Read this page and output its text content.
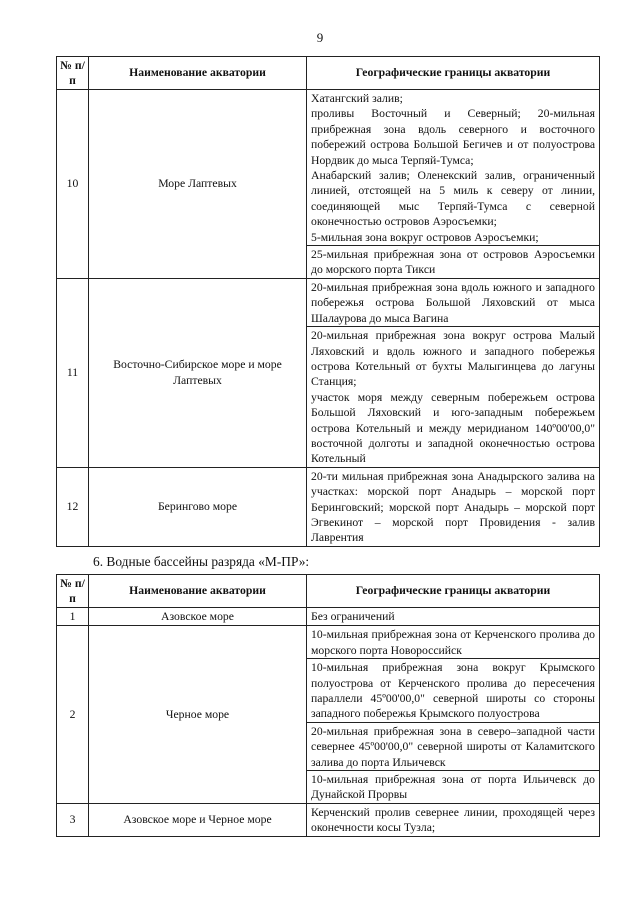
9
№ п/п	Наименование акватории	Географические границы акватории
10	Море Лаптевых	Хатангский залив;
проливы Восточный и Северный; 20-мильная прибрежная зона вдоль северного и восточного побережий острова Большой Бегичев и от полуострова Нордвик до мыса Терпяй-Тумса;
Анабарский залив; Оленекский залив, ограниченный линией, отстоящей на 5 миль к северу от линии, соединяющей мыс Терпяй-Тумса с северной оконечностью островов Аэросъемки;
5-мильная зона вокруг островов Аэросъемки;

		25-мильная прибрежная зона от островов Аэросъемки до морского порта Тикси

11	Восточно-Сибирское море и море Лаптевых	20-мильная прибрежная зона вдоль южного и западного побережья острова Большой Ляховский от мыса Шалаурова до мыса Вагина

		20-мильная прибрежная зона вокруг острова Малый Ляховский и вдоль южного и западного побережья острова Котельный от бухты Малыгинцева до лагуны Станция;
участок моря между северным побережьем острова Большой Ляховский и юго-западным побережьем острова Котельный и между меридианом 140º00'00,0" восточной долготы и западной оконечностью острова Котельный

12	Берингово море	20-ти мильная прибрежная зона Анадырского залива на участках: морской порт Анадырь – морской порт Беринговский; морской порт Анадырь – морской порт Эгвекинот – морской порт Провидения - залив Лаврентия
6. Водные бассейны разряда «М-ПР»:
№ п/п	Наименование акватории	Географические границы акватории
1	Азовское море	Без ограничений

2	Черное море	10-мильная прибрежная зона от Керченского пролива до морского порта Новороссийск

		10-мильная прибрежная зона вокруг Крымского полуострова от Керченского пролива до пересечения параллели 45º00'00,0" северной широты со стороны западного побережья Крымского полуострова

		20-мильная прибрежная зона в северо–западной части севернее 45º00'00,0" северной широты от Каламитского залива до порта Ильичевск

		10-мильная прибрежная зона от порта Ильичевск до Дунайской Прорвы

3	Азовское море и Черное море	Керченский пролив севернее линии, проходящей через оконечности косы Тузла;
